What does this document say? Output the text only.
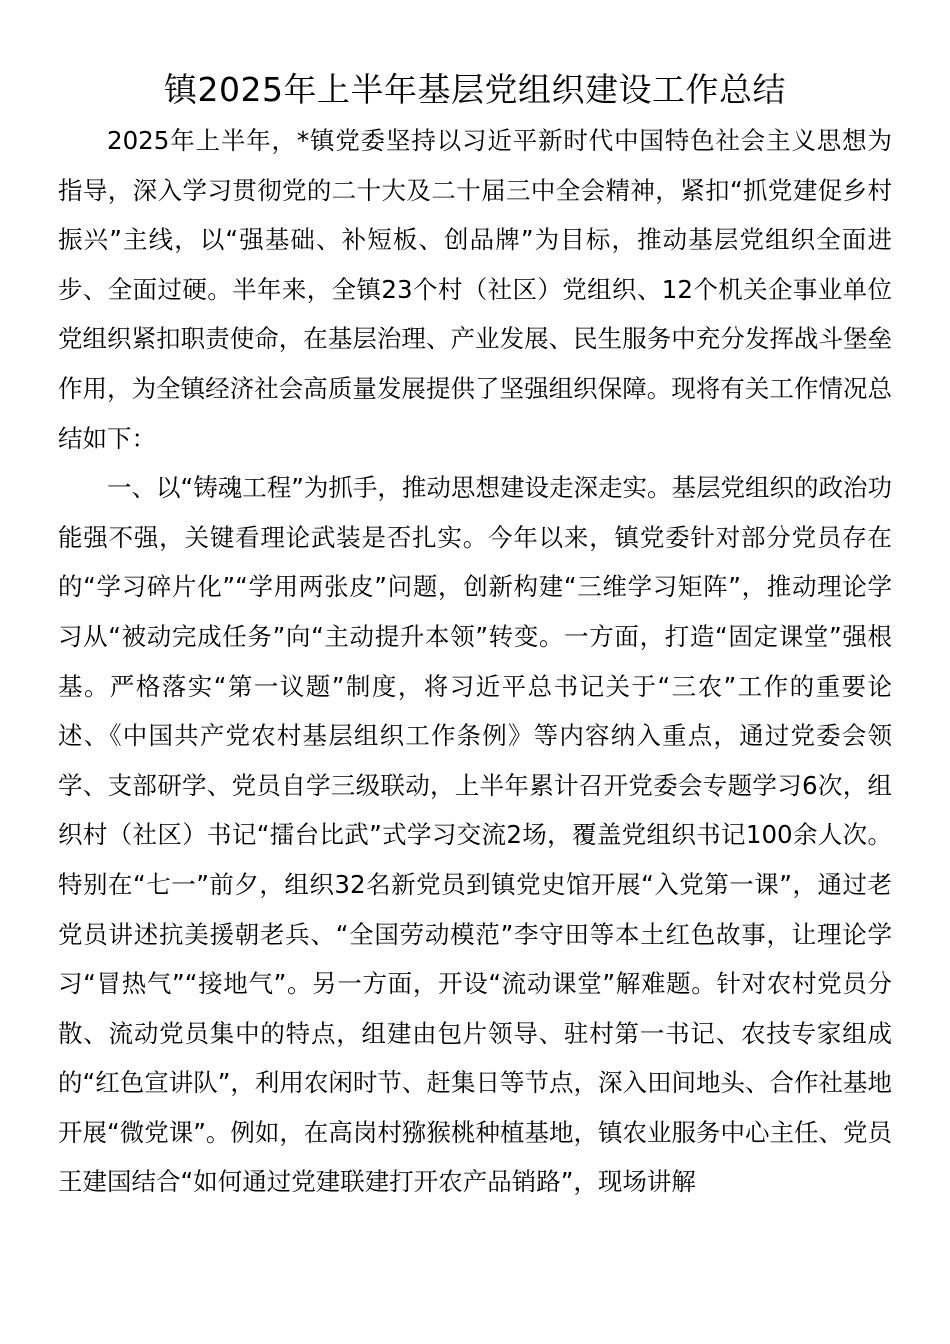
镇2025年上半年基层党组织建设工作总结

2025年上半年，*镇党委坚持以习近平新时代中国特色社会主义思想为指导，深入学习贯彻党的二十大及二十届三中全会精神，紧扣“抓党建促乡村振兴”主线，以“强基础、补短板、创品牌”为目标，推动基层党组织全面进步、全面过硬。半年来，全镇23个村（社区）党组织、12个机关企事业单位党组织紧扣职责使命，在基层治理、产业发展、民生服务中充分发挥战斗堡垒作用，为全镇经济社会高质量发展提供了坚强组织保障。现将有关工作情况总结如下：

一、以“铸魂工程”为抓手，推动思想建设走深走实。基层党组织的政治功能强不强，关键看理论武装是否扎实。今年以来，镇党委针对部分党员存在的“学习碎片化”“学用两张皮”问题，创新构建“三维学习矩阵”，推动理论学习从“被动完成任务”向“主动提升本领”转变。一方面，打造“固定课堂”强根基。严格落实“第一议题”制度，将习近平总书记关于“三农”工作的重要论述、《中国共产党农村基层组织工作条例》等内容纳入重点，通过党委会领学、支部研学、党员自学三级联动，上半年累计召开党委会专题学习6次，组织村（社区）书记“擂台比武”式学习交流2场，覆盖党组织书记100余人次。特别在“七一”前夕，组织32名新党员到镇党史馆开展“入党第一课”，通过老党员讲述抗美援朝老兵、“全国劳动模范”李守田等本土红色故事，让理论学习“冒热气”“接地气”。另一方面，开设“流动课堂”解难题。针对农村党员分散、流动党员集中的特点，组建由包片领导、驻村第一书记、农技专家组成的“红色宣讲队”，利用农闲时节、赶集日等节点，深入田间地头、合作社基地开展“微党课”。例如，在高岗村猕猴桃种植基地，镇农业服务中心主任、党员王建国结合“如何通过党建联建打开农产品销路”，现场讲解
